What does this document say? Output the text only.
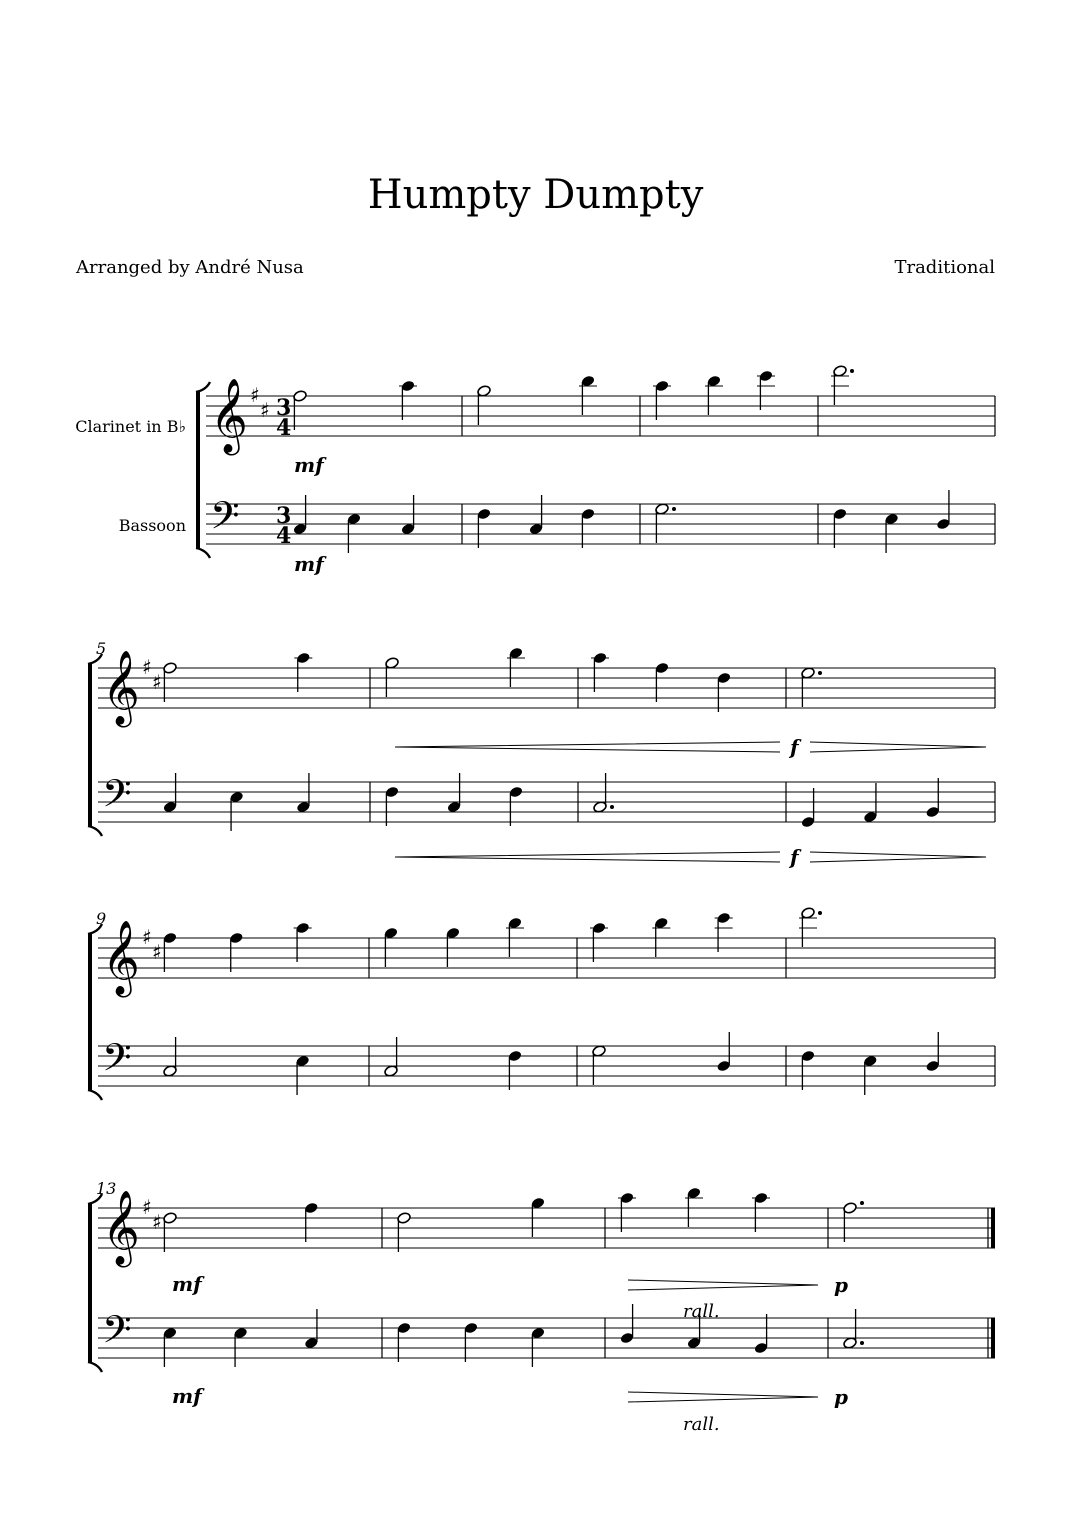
Humpty Dumpty
Arranged by André Nusa	Traditional
Clarinet in B♭
Bassoon
𝄞
𝄢
♯
♯ 3
4
3
4
5
𝄞
𝄢
♯
♯
9
𝄞
𝄢
♯
♯
13
𝄞
𝄢
♯
♯
mf
mf
f
f
mf
mf
rall.
p
rall.
p
